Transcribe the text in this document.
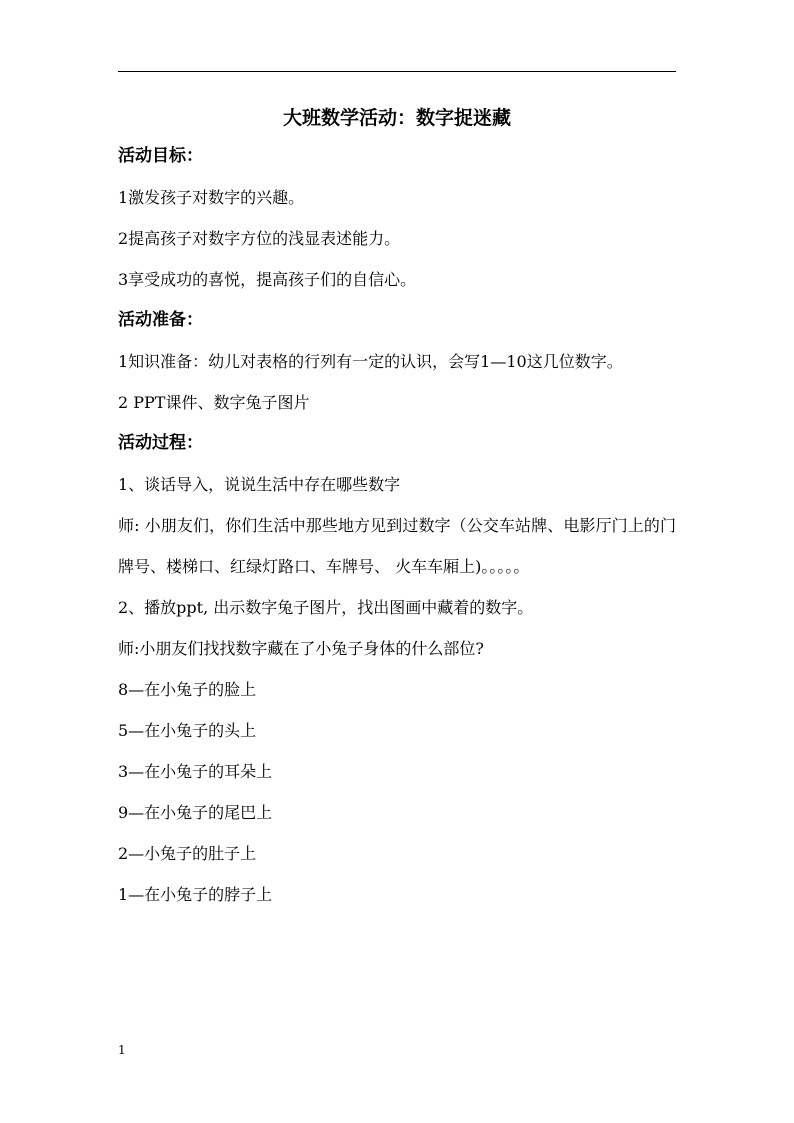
大班数学活动：数字捉迷藏

活动目标：

1激发孩子对数字的兴趣。

2提高孩子对数字方位的浅显表述能力。

3享受成功的喜悦，提高孩子们的自信心。

活动准备：

1知识准备：幼儿对表格的行列有一定的认识，会写1—10这几位数字。

2 PPT课件、数字兔子图片

活动过程：

1、谈话导入，说说生活中存在哪些数字

师: 小朋友们，你们生活中那些地方见到过数字（公交车站牌、电影厅门上的门牌号、楼梯口、红绿灯路口、车牌号、 火车车厢上)。。。。。

2、播放ppt, 出示数字兔子图片，找出图画中藏着的数字。

师:小朋友们找找数字藏在了小兔子身体的什么部位?

8—在小兔子的脸上

5—在小兔子的头上

3—在小兔子的耳朵上

9—在小兔子的尾巴上

2—小兔子的肚子上

1—在小兔子的脖子上

1
